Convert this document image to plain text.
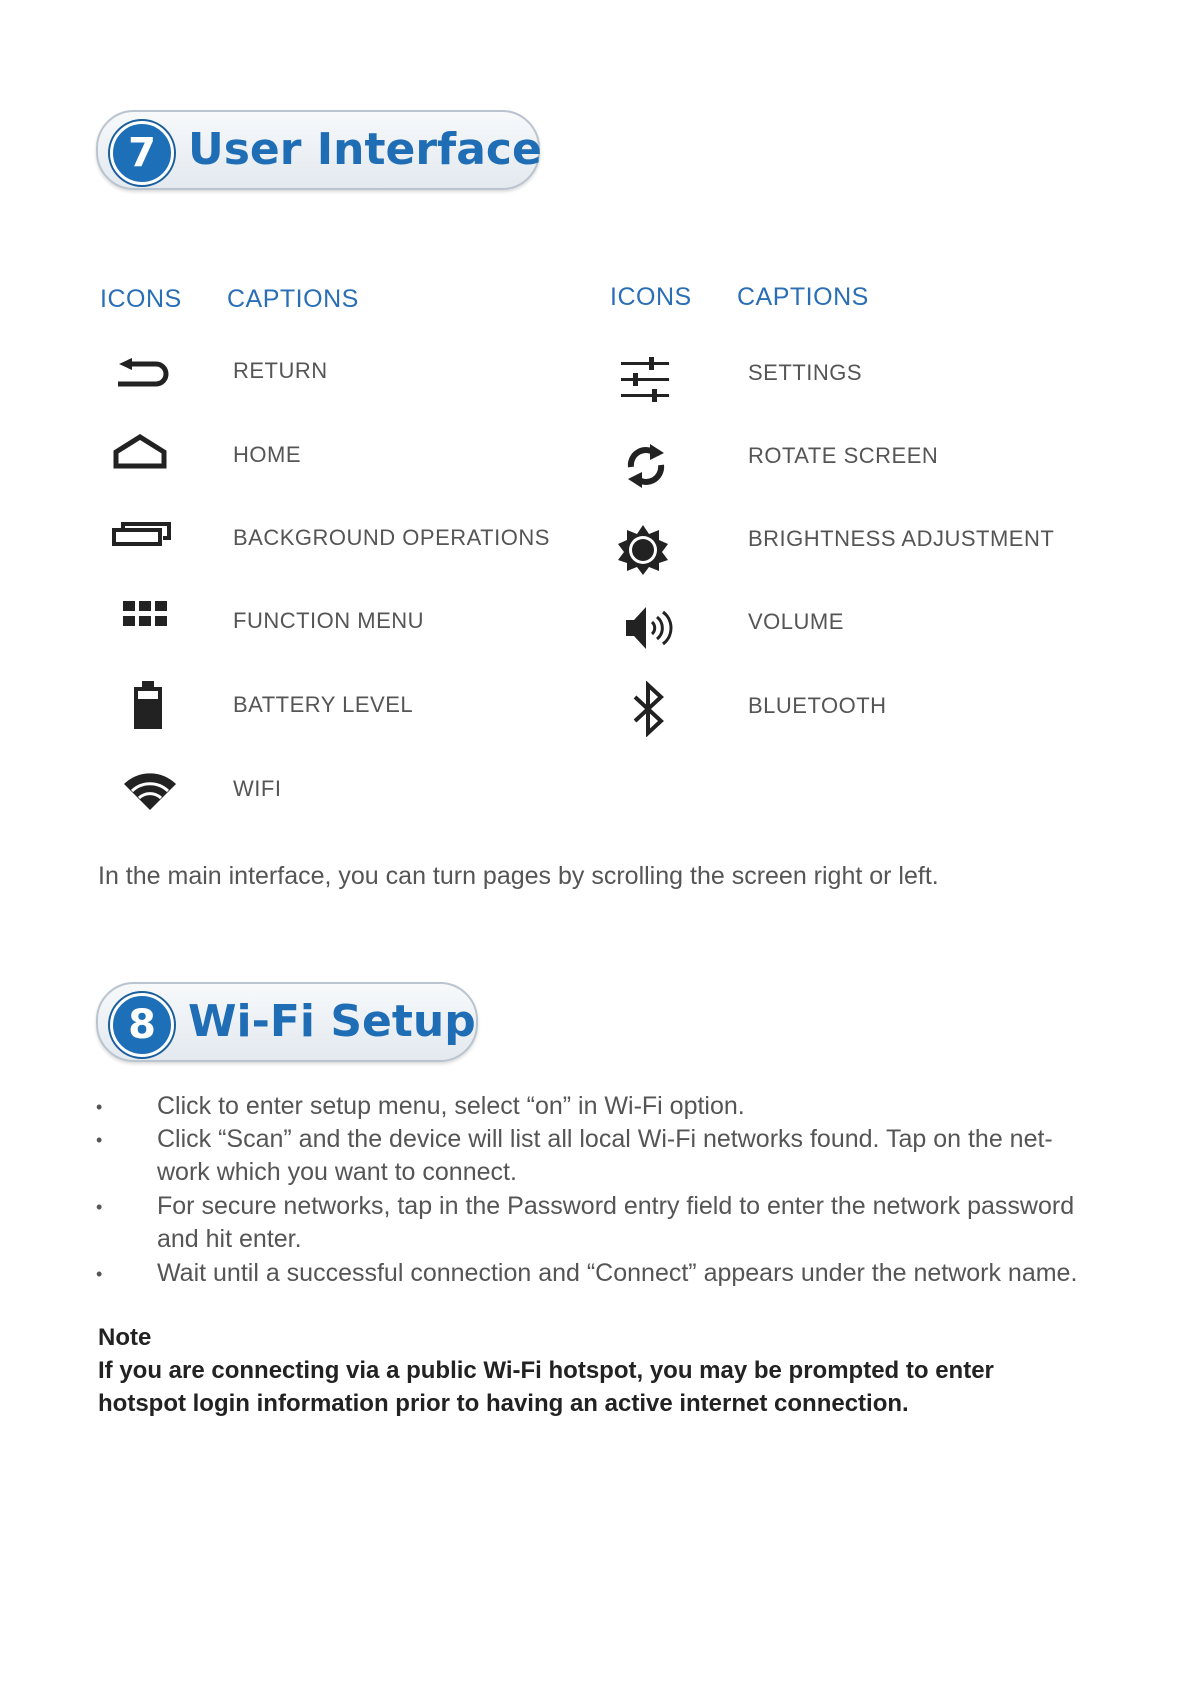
7 User Interface
ICONS CAPTIONS	ICONS CAPTIONS
RETURN
HOME
BACKGROUND OPERATIONS
FUNCTION MENU
BATTERY LEVEL
WIFI
SETTINGS
ROTATE SCREEN
BRIGHTNESS ADJUSTMENT
VOLUME
BLUETOOTH
In the main interface, you can turn pages by scrolling the screen right or left.
8 Wi-Fi Setup
• Click to enter setup menu, select “on” in Wi-Fi option.
• Click “Scan” and the device will list all local Wi-Fi networks found. Tap on the net-work which you want to connect.
• For secure networks, tap in the Password entry field to enter the network password and hit enter.
• Wait until a successful connection and “Connect” appears under the network name.
Note
If you are connecting via a public Wi-Fi hotspot, you may be prompted to enter hotspot login information prior to having an active internet connection.
